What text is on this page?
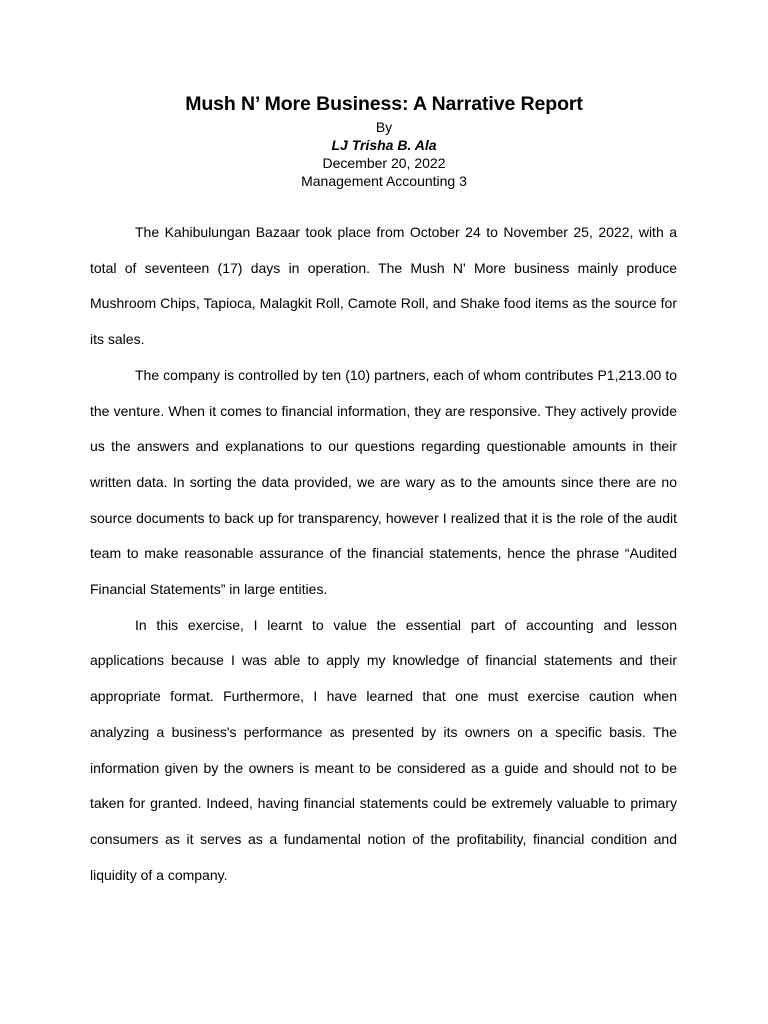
Mush N’ More Business: A Narrative Report
By
LJ Trisha B. Ala
December 20, 2022
Management Accounting 3

The Kahibulungan Bazaar took place from October 24 to November 25, 2022, with a total of seventeen (17) days in operation. The Mush N' More business mainly produce Mushroom Chips, Tapioca, Malagkit Roll, Camote Roll, and Shake food items as the source for its sales.

The company is controlled by ten (10) partners, each of whom contributes P1,213.00 to the venture. When it comes to financial information, they are responsive. They actively provide us the answers and explanations to our questions regarding questionable amounts in their written data. In sorting the data provided, we are wary as to the amounts since there are no source documents to back up for transparency, however I realized that it is the role of the audit team to make reasonable assurance of the financial statements, hence the phrase “Audited Financial Statements” in large entities.

In this exercise, I learnt to value the essential part of accounting and lesson applications because I was able to apply my knowledge of financial statements and their appropriate format. Furthermore, I have learned that one must exercise caution when analyzing a business's performance as presented by its owners on a specific basis. The information given by the owners is meant to be considered as a guide and should not to be taken for granted. Indeed, having financial statements could be extremely valuable to primary consumers as it serves as a fundamental notion of the profitability, financial condition and liquidity of a company.
